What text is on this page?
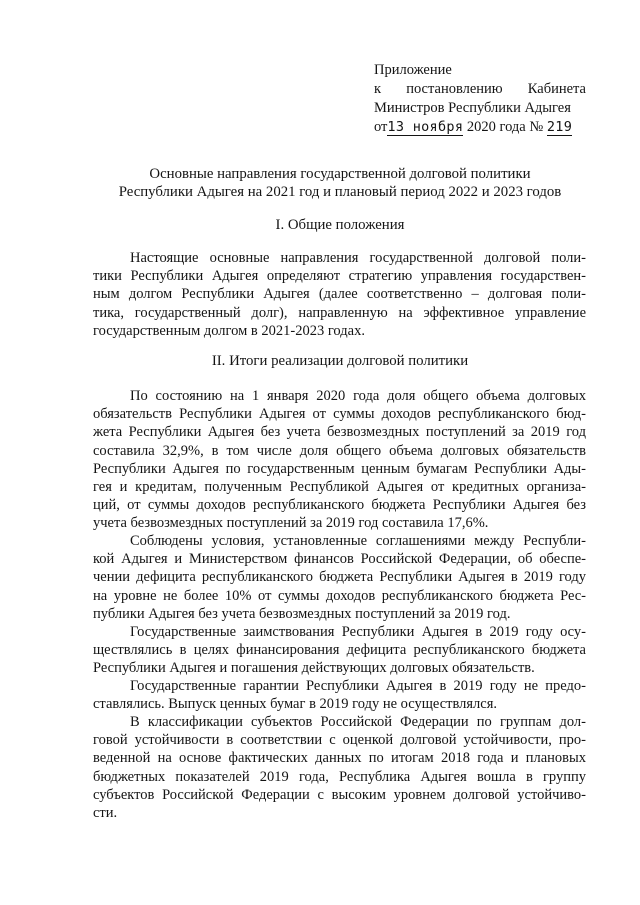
Приложение
к постановлению Кабинета
Министров Республики Адыгея
от13 ноября 2020 года № 219
Основные направления государственной долговой политики
Республики Адыгея на 2021 год и плановый период 2022 и 2023 годов
I. Общие положения
Настоящие основные направления государственной долговой поли-
тики Республики Адыгея определяют стратегию управления государствен-
ным долгом Республики Адыгея (далее соответственно – долговая поли-
тика, государственный долг), направленную на эффективное управление
государственным долгом в 2021-2023 годах.
II. Итоги реализации долговой политики
По состоянию на 1 января 2020 года доля общего объема долговых
обязательств Республики Адыгея от суммы доходов республиканского бюд-
жета Республики Адыгея без учета безвозмездных поступлений за 2019 год
составила 32,9%, в том числе доля общего объема долговых обязательств
Республики Адыгея по государственным ценным бумагам Республики Ады-
гея и кредитам, полученным Республикой Адыгея от кредитных организа-
ций, от суммы доходов республиканского бюджета Республики Адыгея без
учета безвозмездных поступлений за 2019 год составила 17,6%.
Соблюдены условия, установленные соглашениями между Республи-
кой Адыгея и Министерством финансов Российской Федерации, об обеспе-
чении дефицита республиканского бюджета Республики Адыгея в 2019 году
на уровне не более 10% от суммы доходов республиканского бюджета Рес-
публики Адыгея без учета безвозмездных поступлений за 2019 год.
Государственные заимствования Республики Адыгея в 2019 году осу-
ществлялись в целях финансирования дефицита республиканского бюджета
Республики Адыгея и погашения действующих долговых обязательств.
Государственные гарантии Республики Адыгея в 2019 году не предо-
ставлялись. Выпуск ценных бумаг в 2019 году не осуществлялся.
В классификации субъектов Российской Федерации по группам дол-
говой устойчивости в соответствии с оценкой долговой устойчивости, про-
веденной на основе фактических данных по итогам 2018 года и плановых
бюджетных показателей 2019 года, Республика Адыгея вошла в группу
субъектов Российской Федерации с высоким уровнем долговой устойчиво-
сти.
